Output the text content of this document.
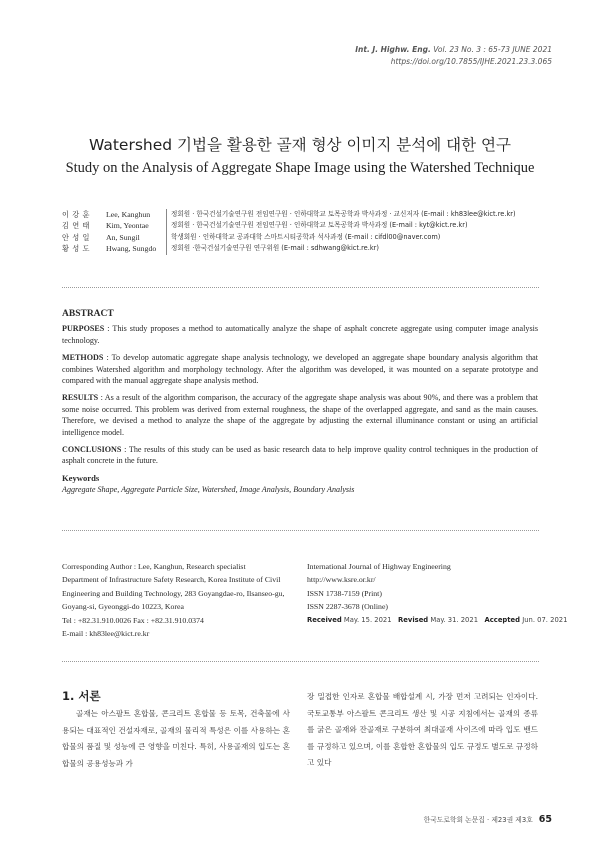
Int. J. Highw. Eng. Vol. 23 No. 3 : 65-73 JUNE 2021
https://doi.org/10.7855/IJHE.2021.23.3.065
Watershed 기법을 활용한 골재 형상 이미지 분석에 대한 연구
Study on the Analysis of Aggregate Shape Image using the Watershed Technique
이 강 훈	Lee, Kanghun	정회원 · 한국건설기술연구원 전임연구원 · 인하대학교 토목공학과 박사과정 · 교신저자 (E-mail : kh83lee@kict.re.kr)
김 연 태	Kim, Yeontae	정회원 · 한국건설기술연구원 전임연구원 · 인하대학교 토목공학과 박사과정 (E-mail : kyt@kict.re.kr)
안 성 일	An, Sungil	학생회원 · 인하대학교 공과대학 스마트시티공학과 석사과정 (E-mail : cifdl00@naver.com)
황 성 도	Hwang, Sungdo	정회원 ·한국건설기술연구원 연구위원 (E-mail : sdhwang@kict.re.kr)
ABSTRACT

PURPOSES : This study proposes a method to automatically analyze the shape of asphalt concrete aggregate using computer image analysis technology.

METHODS : To develop automatic aggregate shape analysis technology, we developed an aggregate shape boundary analysis algorithm that combines Watershed algorithm and morphology technology. After the algorithm was developed, it was mounted on a separate prototype and compared with the manual aggregate shape analysis method.

RESULTS : As a result of the algorithm comparison, the accuracy of the aggregate shape analysis was about 90%, and there was a problem that some noise occurred. This problem was derived from external roughness, the shape of the overlapped aggregate, and sand as the main causes. Therefore, we devised a method to analyze the shape of the aggregate by adjusting the external illuminance constant or using an artificial intelligence model.

CONCLUSIONS : The results of this study can be used as basic research data to help improve quality control techniques in the production of asphalt concrete in the future.

Keywords
Aggregate Shape, Aggregate Particle Size, Watershed, Image Analysis, Boundary Analysis
Corresponding Author : Lee, Kanghun, Research specialist
Department of Infrastructure Safety Research, Korea Institute of Civil
Engineering and Building Technology, 283 Goyangdae-ro, Ilsanseo-gu,
Goyang-si, Gyeonggi-do 10223, Korea
Tel : +82.31.910.0026 Fax : +82.31.910.0374
E-mail : kh83lee@kict.re.kr
International Journal of Highway Engineering
http://www.ksre.or.kr/
ISSN 1738-7159 (Print)
ISSN 2287-3678 (Online)
Received May. 15. 2021 Revised May. 31. 2021 Accepted Jun. 07. 2021
1. 서론
골재는 아스팔트 혼합물, 콘크리트 혼합물 등 토목, 건축물에 사용되는 대표적인 건설자재로, 골재의 물리적 특성은 이를 사용하는 혼합물의 품질 및 성능에 큰 영향을 미친다. 특히, 사용골재의 입도는 혼합물의 공용성능과 가
장 밀접한 인자로 혼합물 배합설계 시, 가장 먼저 고려되는 인자이다. 국토교통부 아스팔트 콘크리트 생산 및 시공 지침에서는 골재의 종류를 굵은 골재와 잔골재로 구분하여 최대골재 사이즈에 따라 입도 밴드를 규정하고 있으며, 이를 혼합한 혼합물의 입도 규정도 별도로 규정하고 있다
한국도로학회 논문집 · 제23권 제3호 65
